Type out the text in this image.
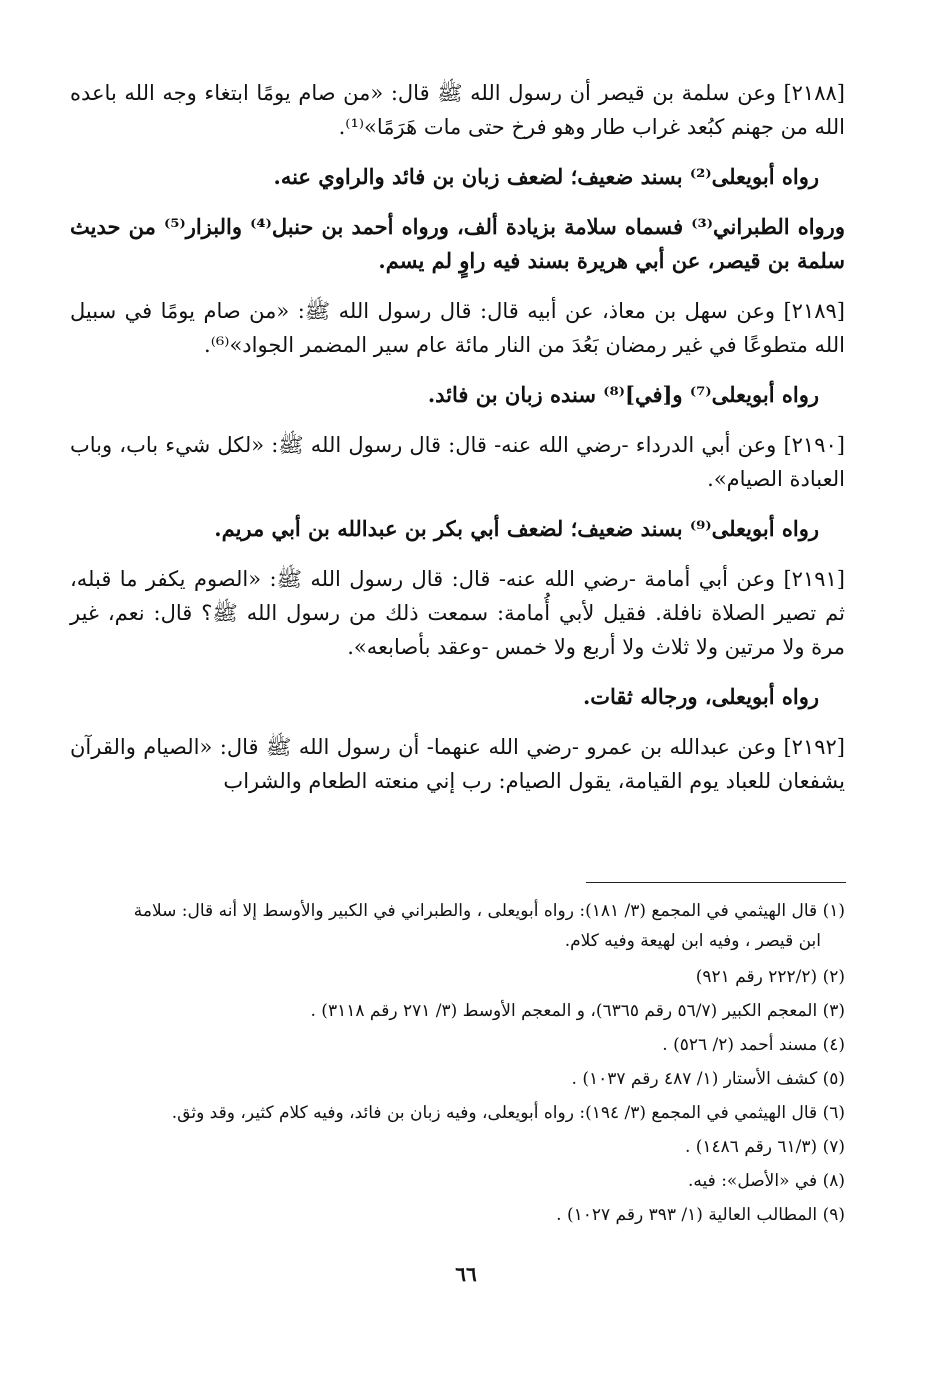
[٢١٨٨] وعن سلمة بن قيصر أن رسول الله ﷺ قال: «من صام يومًا ابتغاء وجه الله باعده الله من جهنم كبُعد غراب طار وهو فرخ حتى مات هَرَمًا»⁽¹⁾.

رواه أبويعلى⁽²⁾ بسند ضعيف؛ لضعف زبان بن فائد والراوي عنه.

ورواه الطبراني⁽³⁾ فسماه سلامة بزيادة ألف، ورواه أحمد بن حنبل⁽⁴⁾ والبزار⁽⁵⁾ من حديث سلمة بن قيصر، عن أبي هريرة بسند فيه راوٍ لم يسم.

[٢١٨٩] وعن سهل بن معاذ، عن أبيه قال: قال رسول الله ﷺ: «من صام يومًا في سبيل الله متطوعًا في غير رمضان بَعُدَ من النار مائة عام سير المضمر الجواد»⁽⁶⁾.

رواه أبويعلى⁽⁷⁾ و[في]⁽⁸⁾ سنده زبان بن فائد.

[٢١٩٠] وعن أبي الدرداء -رضي الله عنه- قال: قال رسول الله ﷺ: «لكل شيء باب، وباب العبادة الصيام».

رواه أبويعلى⁽⁹⁾ بسند ضعيف؛ لضعف أبي بكر بن عبدالله بن أبي مريم.

[٢١٩١] وعن أبي أمامة -رضي الله عنه- قال: قال رسول الله ﷺ: «الصوم يكفر ما قبله، ثم تصير الصلاة نافلة. فقيل لأبي أُمامة: سمعت ذلك من رسول الله ﷺ؟ قال: نعم، غير مرة ولا مرتين ولا ثلاث ولا أربع ولا خمس -وعقد بأصابعه».

رواه أبويعلى، ورجاله ثقات.

[٢١٩٢] وعن عبدالله بن عمرو -رضي الله عنهما- أن رسول الله ﷺ قال: «الصيام والقرآن يشفعان للعباد يوم القيامة، يقول الصيام: رب إني منعته الطعام والشراب

(١) قال الهيثمي في المجمع (٣/ ١٨١): رواه أبويعلى ، والطبراني في الكبير والأوسط إلا أنه قال: سلامة
ابن قيصر ، وفيه ابن لهيعة وفيه كلام.

(٢) (٢٢٢/٢ رقم ٩٢١)

(٣) المعجم الكبير (٥٦/٧ رقم ٦٣٦٥)، و المعجم الأوسط (٣/ ٢٧١ رقم ٣١١٨) .

(٤) مسند أحمد (٢/ ٥٢٦) .

(٥) كشف الأستار (١/ ٤٨٧ رقم ١٠٣٧) .

(٦) قال الهيثمي في المجمع (٣/ ١٩٤): رواه أبويعلى، وفيه زبان بن فائد، وفيه كلام كثير، وقد وثق.

(٧) (٦١/٣ رقم ١٤٨٦) .

(٨) في «الأصل»: فيه.

(٩) المطالب العالية (١/ ٣٩٣ رقم ١٠٢٧) .

٦٦
